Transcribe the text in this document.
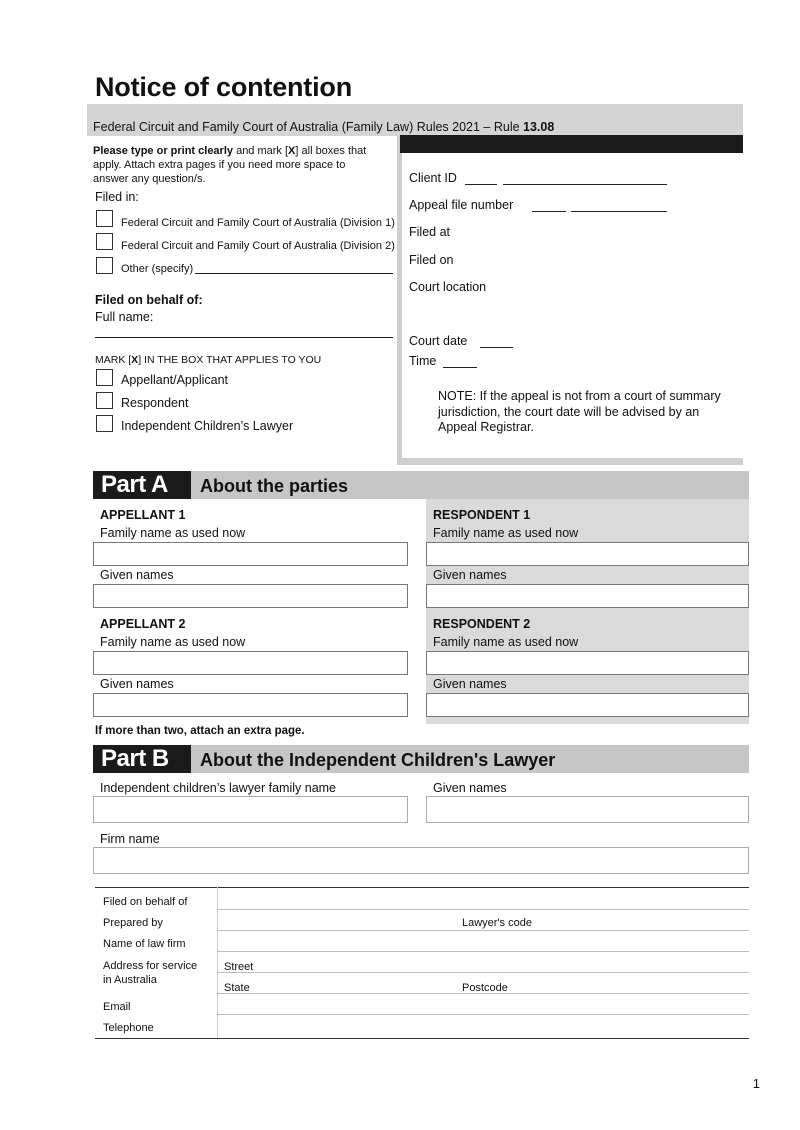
Notice of contention
Federal Circuit and Family Court of Australia (Family Law) Rules 2021 – Rule 13.08
Please type or print clearly and mark [X] all boxes that
apply. Attach extra pages if you need more space to
answer any question/s.
Filed in:
Federal Circuit and Family Court of Australia (Division 1)
Federal Circuit and Family Court of Australia (Division 2)
Other (specify)
Filed on behalf of:
Full name:
MARK [X] IN THE BOX THAT APPLIES TO YOU
Appellant/Applicant
Respondent
Independent Children’s Lawyer
Client ID
Appeal file number
Filed at
Filed on
Court location
Court date
Time
NOTE: If the appeal is not from a court of summary
jurisdiction, the court date will be advised by an
Appeal Registrar.
Part A	About the parties
APPELLANT 1
Family name as used now
Given names
RESPONDENT 1
Family name as used now
Given names
APPELLANT 2
Family name as used now
Given names
RESPONDENT 2
Family name as used now
Given names
If more than two, attach an extra page.
Part B	About the Independent Children's Lawyer
Independent children’s lawyer family name	Given names
Firm name
Filed on behalf of
Prepared by	Lawyer's code
Name of law firm
Address for service
in Australia
Street
State	Postcode
Email
Telephone
1
